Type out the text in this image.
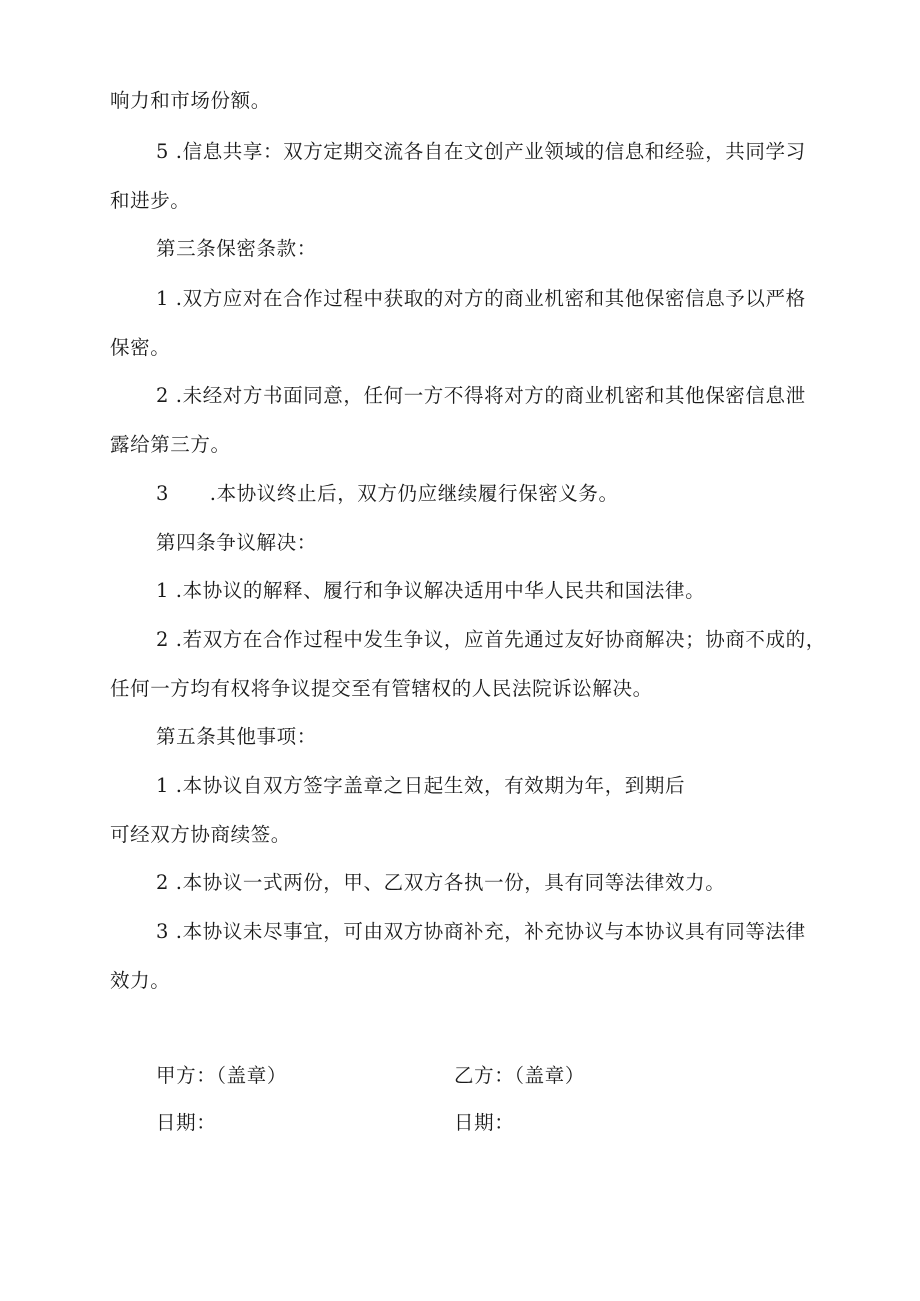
响力和市场份额。
5 .信息共享：双方定期交流各自在文创产业领域的信息和经验，共同学习
和进步。
第三条保密条款：
1 .双方应对在合作过程中获取的对方的商业机密和其他保密信息予以严格
保密。
2 .未经对方书面同意，任何一方不得将对方的商业机密和其他保密信息泄
露给第三方。
3      .本协议终止后，双方仍应继续履行保密义务。
第四条争议解决：
1 .本协议的解释、履行和争议解决适用中华人民共和国法律。
2 .若双方在合作过程中发生争议，应首先通过友好协商解决；协商不成的，
任何一方均有权将争议提交至有管辖权的人民法院诉讼解决。
第五条其他事项：
1 .本协议自双方签字盖章之日起生效，有效期为年，到期后
可经双方协商续签。
2 .本协议一式两份，甲、乙双方各执一份，具有同等法律效力。
3 .本协议未尽事宜，可由双方协商补充，补充协议与本协议具有同等法律
效力。
甲方：（盖章）	乙方：（盖章）
日期：	日期：
